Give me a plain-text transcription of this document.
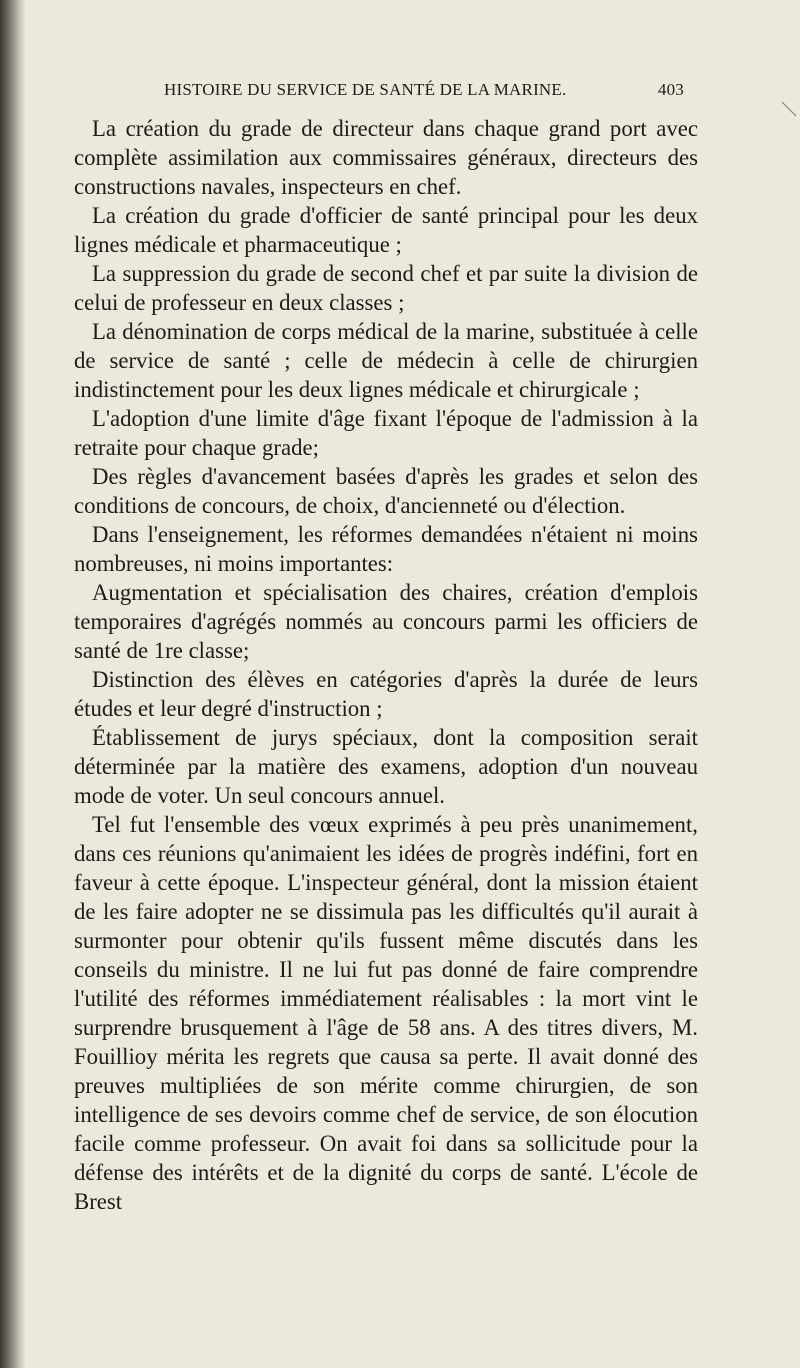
HISTOIRE DU SERVICE DE SANTÉ DE LA MARINE.	403

La création du grade de directeur dans chaque grand port avec complète assimilation aux commissaires généraux, directeurs des constructions navales, inspecteurs en chef.

La création du grade d'officier de santé principal pour les deux lignes médicale et pharmaceutique ;

La suppression du grade de second chef et par suite la division de celui de professeur en deux classes ;

La dénomination de corps médical de la marine, substituée à celle de service de santé ; celle de médecin à celle de chirurgien indistinctement pour les deux lignes médicale et chirurgicale ;

L'adoption d'une limite d'âge fixant l'époque de l'admission à la retraite pour chaque grade;

Des règles d'avancement basées d'après les grades et selon des conditions de concours, de choix, d'ancienneté ou d'élection.

Dans l'enseignement, les réformes demandées n'étaient ni moins nombreuses, ni moins importantes:

Augmentation et spécialisation des chaires, création d'emplois temporaires d'agrégés nommés au concours parmi les officiers de santé de 1re classe;

Distinction des élèves en catégories d'après la durée de leurs études et leur degré d'instruction ;

Établissement de jurys spéciaux, dont la composition serait déterminée par la matière des examens, adoption d'un nouveau mode de voter. Un seul concours annuel.

Tel fut l'ensemble des vœux exprimés à peu près unanimement, dans ces réunions qu'animaient les idées de progrès indéfini, fort en faveur à cette époque. L'inspecteur général, dont la mission étaient de les faire adopter ne se dissimula pas les difficultés qu'il aurait à surmonter pour obtenir qu'ils fussent même discutés dans les conseils du ministre. Il ne lui fut pas donné de faire comprendre l'utilité des réformes immédiatement réalisables : la mort vint le surprendre brusquement à l'âge de 58 ans. A des titres divers, M. Fouillioy mérita les regrets que causa sa perte. Il avait donné des preuves multipliées de son mérite comme chirurgien, de son intelligence de ses devoirs comme chef de service, de son élocution facile comme professeur. On avait foi dans sa sollicitude pour la défense des intérêts et de la dignité du corps de santé. L'école de Brest
